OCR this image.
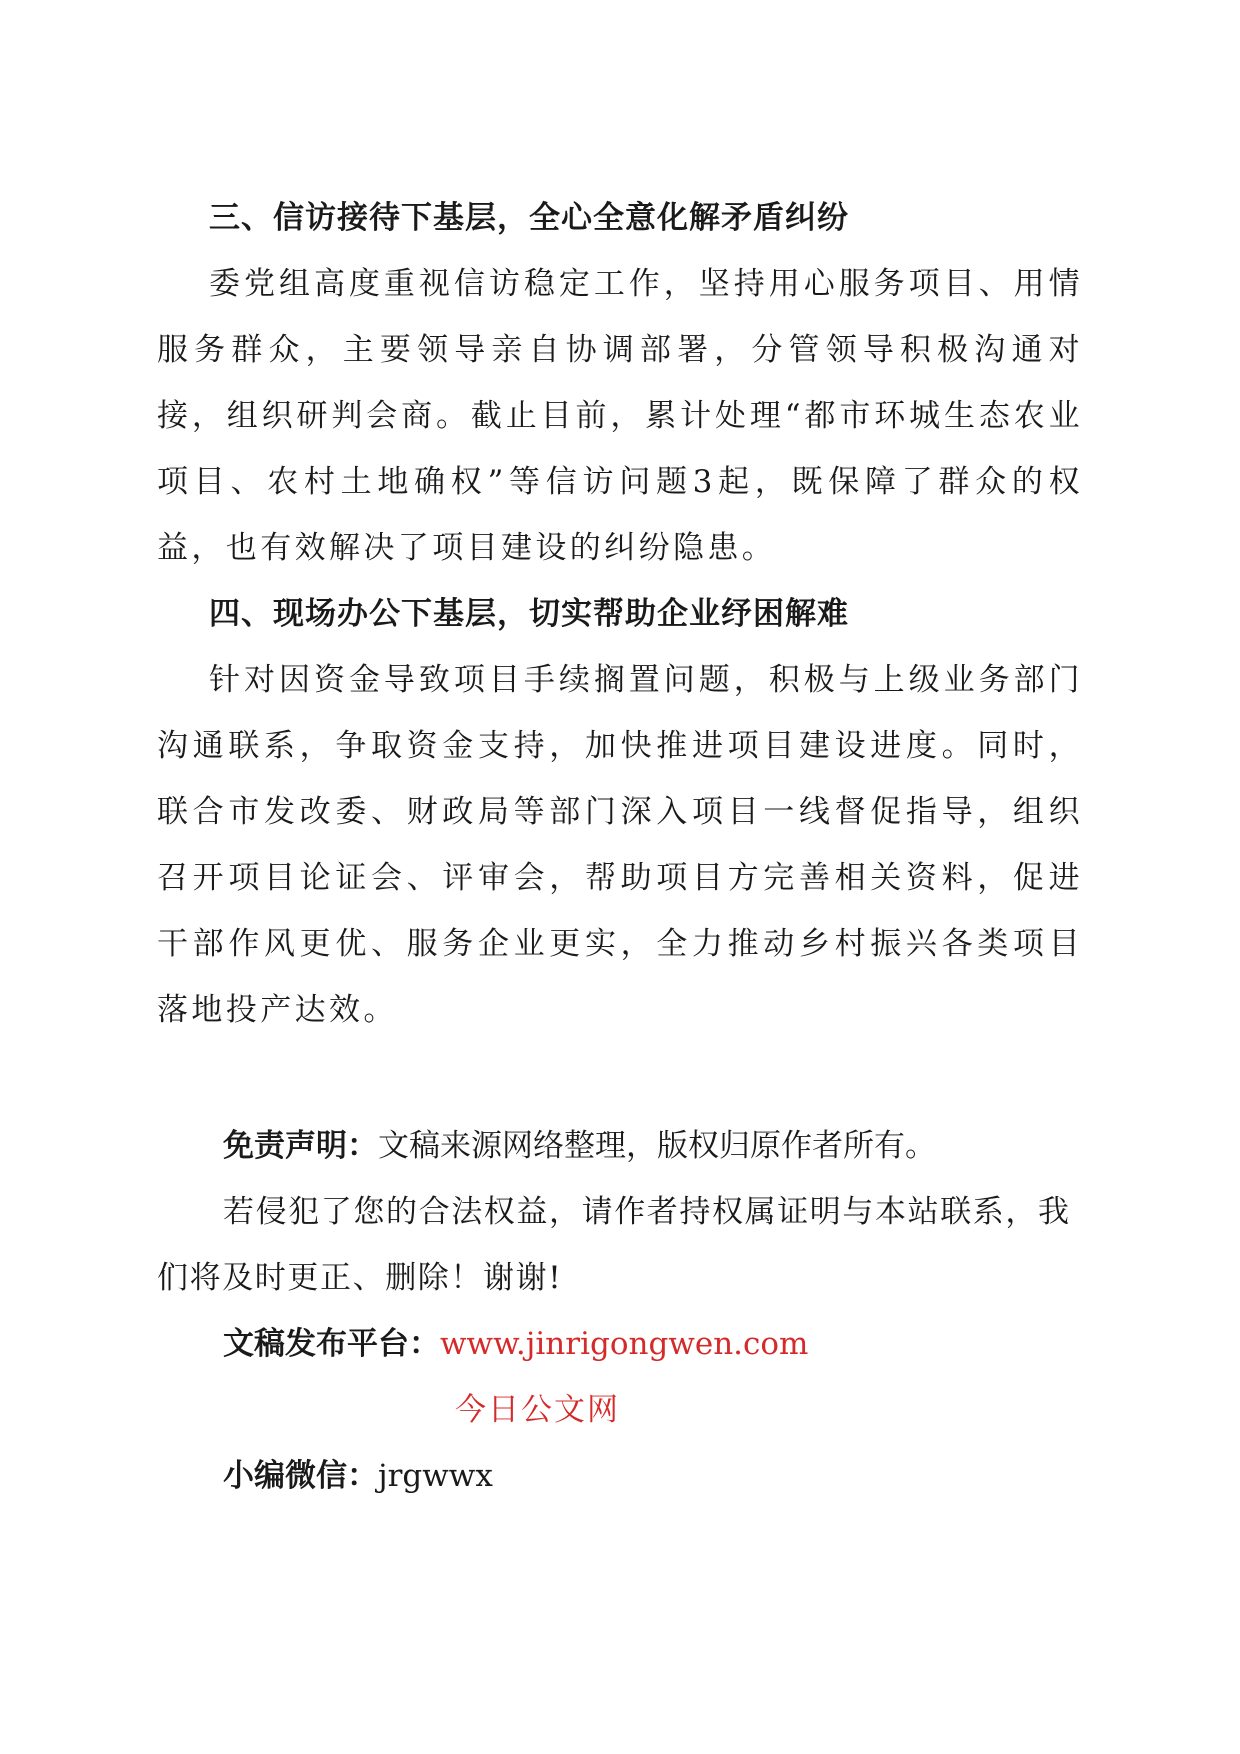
三、信访接待下基层，全心全意化解矛盾纠纷

委党组高度重视信访稳定工作，坚持用心服务项目、用情服务群众，主要领导亲自协调部署，分管领导积极沟通对接，组织研判会商。截止目前，累计处理“都市环城生态农业项目、农村土地确权”等信访问题3起，既保障了群众的权益，也有效解决了项目建设的纠纷隐患。

四、现场办公下基层，切实帮助企业纾困解难

针对因资金导致项目手续搁置问题，积极与上级业务部门沟通联系，争取资金支持，加快推进项目建设进度。同时，联合市发改委、财政局等部门深入项目一线督促指导，组织召开项目论证会、评审会，帮助项目方完善相关资料，促进干部作风更优、服务企业更实，全力推动乡村振兴各类项目落地投产达效。

免责声明：文稿来源网络整理，版权归原作者所有。

若侵犯了您的合法权益，请作者持权属证明与本站联系，我们将及时更正、删除！谢谢!

文稿发布平台：www.jinrigongwen.com

今日公文网

小编微信：jrgwwx
